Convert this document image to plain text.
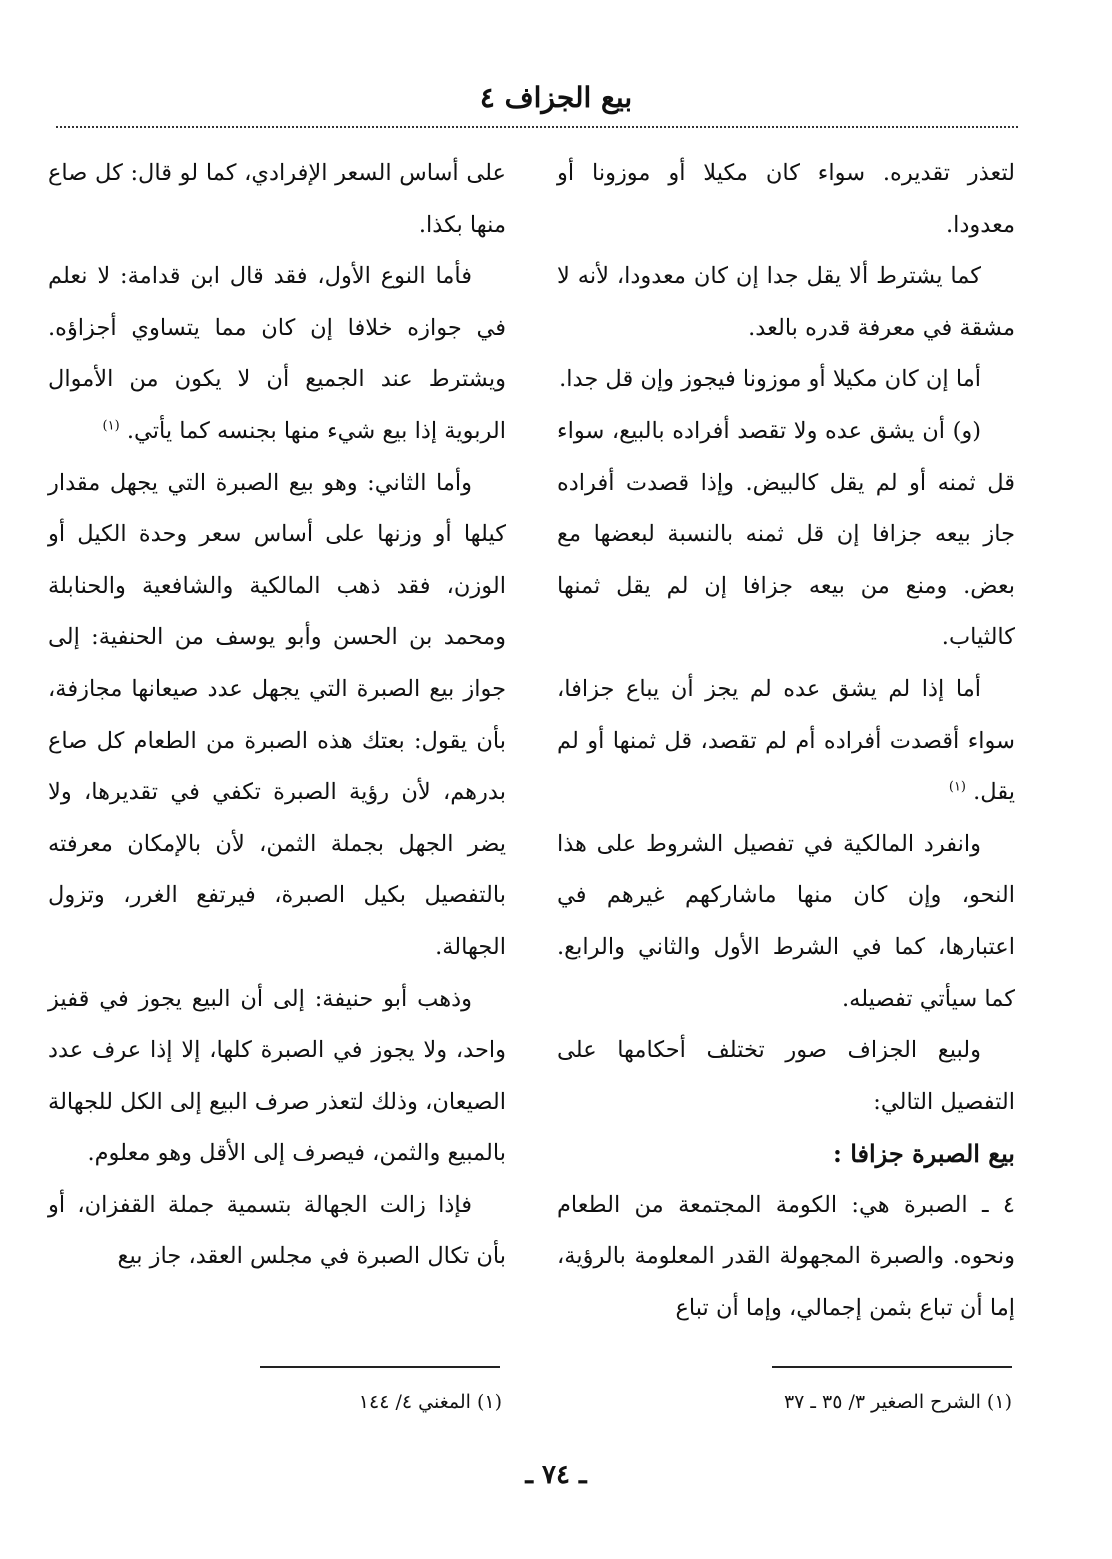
بيع الجزاف ٤

لتعذر تقديره. سواء كان مكيلا أو موزونا أو معدودا.

كما يشترط ألا يقل جدا إن كان معدودا، لأنه لا مشقة في معرفة قدره بالعد.

أما إن كان مكيلا أو موزونا فيجوز وإن قل جدا.

(و) أن يشق عده ولا تقصد أفراده بالبيع، سواء قل ثمنه أو لم يقل كالبيض. وإذا قصدت أفراده جاز بيعه جزافا إن قل ثمنه بالنسبة لبعضها مع بعض. ومنع من بيعه جزافا إن لم يقل ثمنها كالثياب.

أما إذا لم يشق عده لم يجز أن يباع جزافا، سواء أقصدت أفراده أم لم تقصد، قل ثمنها أو لم يقل. $^{(١)}$

وانفرد المالكية في تفصيل الشروط على هذا النحو، وإن كان منها ماشاركهم غيرهم في اعتبارها، كما في الشرط الأول والثاني والرابع. كما سيأتي تفصيله.

ولبيع الجزاف صور تختلف أحكامها على التفصيل التالي:

بيع الصبرة جزافا :

٤ ـ الصبرة هي: الكومة المجتمعة من الطعام ونحوه. والصبرة المجهولة القدر المعلومة بالرؤية، إما أن تباع بثمن إجمالي، وإما أن تباع

على أساس السعر الإفرادي، كما لو قال: كل صاع منها بكذا.

فأما النوع الأول، فقد قال ابن قدامة: لا نعلم في جوازه خلافا إن كان مما يتساوي أجزاؤه. ويشترط عند الجميع أن لا يكون من الأموال الربوية إذا بيع شيء منها بجنسه كما يأتي. $^{(١)}$

وأما الثاني: وهو بيع الصبرة التي يجهل مقدار كيلها أو وزنها على أساس سعر وحدة الكيل أو الوزن، فقد ذهب المالكية والشافعية والحنابلة ومحمد بن الحسن وأبو يوسف من الحنفية: إلى جواز بيع الصبرة التي يجهل عدد صيعانها مجازفة، بأن يقول: بعتك هذه الصبرة من الطعام كل صاع بدرهم، لأن رؤية الصبرة تكفي في تقديرها، ولا يضر الجهل بجملة الثمن، لأن بالإمكان معرفته بالتفصيل بكيل الصبرة، فيرتفع الغرر، وتزول الجهالة.

وذهب أبو حنيفة: إلى أن البيع يجوز في قفيز واحد، ولا يجوز في الصبرة كلها، إلا إذا عرف عدد الصيعان، وذلك لتعذر صرف البيع إلى الكل للجهالة بالمبيع والثمن، فيصرف إلى الأقل وهو معلوم.

فإذا زالت الجهالة بتسمية جملة القفزان، أو بأن تكال الصبرة في مجلس العقد، جاز بيع

(١) الشرح الصغير ٣/ ٣٥ ـ ٣٧
(١) المغني ٤/ ١٤٤
ـ ٧٤ ـ
